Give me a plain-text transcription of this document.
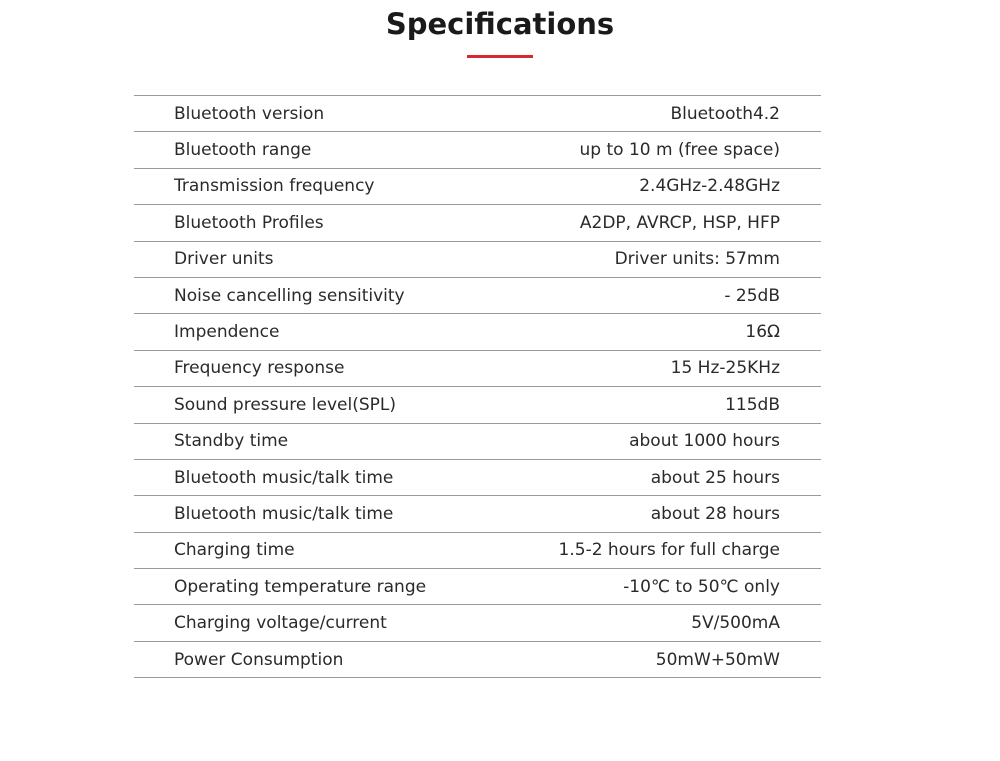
Specifications
Bluetooth version	Bluetooth4.2
Bluetooth range	up to 10 m (free space)
Transmission frequency	2.4GHz-2.48GHz
Bluetooth Profiles	A2DP, AVRCP, HSP, HFP
Driver units	Driver units: 57mm
Noise cancelling sensitivity	- 25dB
Impendence	16Ω
Frequency response	15 Hz-25KHz
Sound pressure level(SPL)	115dB
Standby time	about 1000 hours
Bluetooth music/talk time	about 25 hours
Bluetooth music/talk time	about 28 hours
Charging time	1.5-2 hours for full charge
Operating temperature range	-10℃ to 50℃ only
Charging voltage/current	5V/500mA
Power Consumption	50mW+50mW
